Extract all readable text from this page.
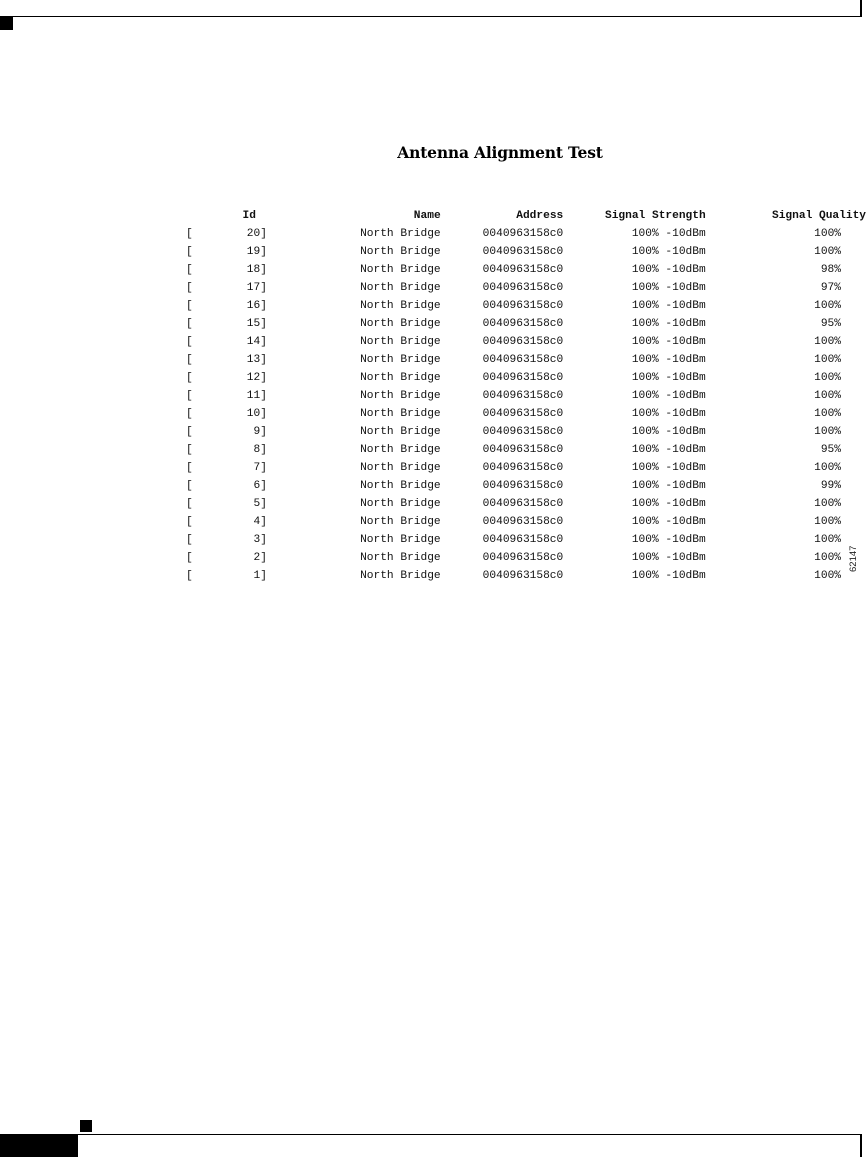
Antenna Alignment Test
	Id		Name	Address	Signal Strength	Signal Quality
[	20	]	North Bridge	0040963158c0	100% -10dBm	100%
[	19	]	North Bridge	0040963158c0	100% -10dBm	100%
[	18	]	North Bridge	0040963158c0	100% -10dBm	98%
[	17	]	North Bridge	0040963158c0	100% -10dBm	97%
[	16	]	North Bridge	0040963158c0	100% -10dBm	100%
[	15	]	North Bridge	0040963158c0	100% -10dBm	95%
[	14	]	North Bridge	0040963158c0	100% -10dBm	100%
[	13	]	North Bridge	0040963158c0	100% -10dBm	100%
[	12	]	North Bridge	0040963158c0	100% -10dBm	100%
[	11	]	North Bridge	0040963158c0	100% -10dBm	100%
[	10	]	North Bridge	0040963158c0	100% -10dBm	100%
[	9	]	North Bridge	0040963158c0	100% -10dBm	100%
[	8	]	North Bridge	0040963158c0	100% -10dBm	95%
[	7	]	North Bridge	0040963158c0	100% -10dBm	100%
[	6	]	North Bridge	0040963158c0	100% -10dBm	99%
[	5	]	North Bridge	0040963158c0	100% -10dBm	100%
[	4	]	North Bridge	0040963158c0	100% -10dBm	100%
[	3	]	North Bridge	0040963158c0	100% -10dBm	100%
[	2	]	North Bridge	0040963158c0	100% -10dBm	100%
[	1	]	North Bridge	0040963158c0	100% -10dBm	100%
62147
